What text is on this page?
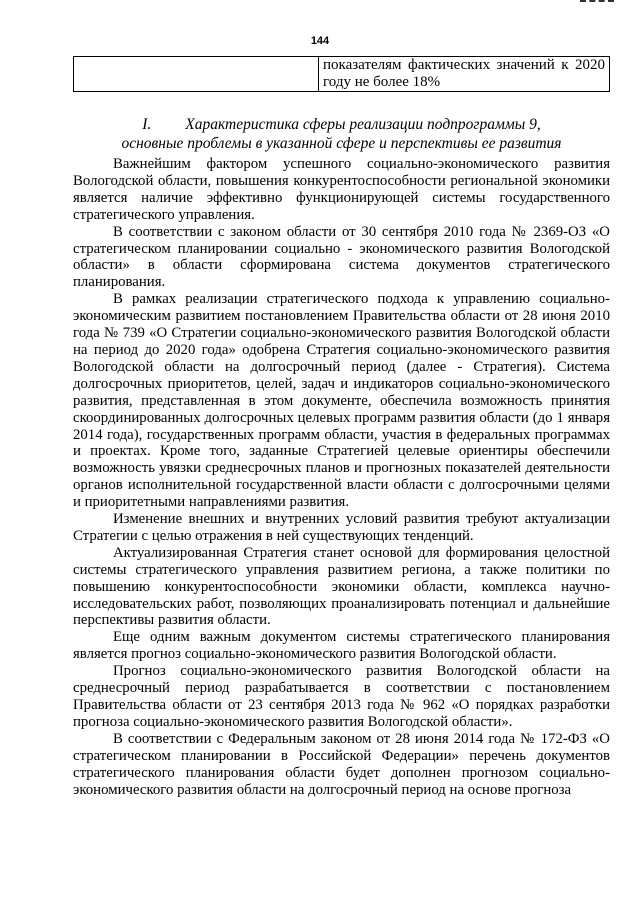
144
	показателям фактических значений к 2020 году не более 18%
I. Характеристика сферы реализации подпрограммы 9,
основные проблемы в указанной сфере и перспективы ее развития

Важнейшим фактором успешного социально-экономического развития Вологодской области, повышения конкурентоспособности региональной экономики является наличие эффективно функционирующей системы государственного стратегического управления.

В соответствии с законом области от 30 сентября 2010 года № 2369-ОЗ «О стратегическом планировании социально - экономического развития Вологодской области» в области сформирована система документов стратегического планирования.

В рамках реализации стратегического подхода к управлению социально-экономическим развитием постановлением Правительства области от 28 июня 2010 года № 739 «О Стратегии социально-экономического развития Вологодской области на период до 2020 года» одобрена Стратегия социально-экономического развития Вологодской области на долгосрочный период (далее - Стратегия). Система долгосрочных приоритетов, целей, задач и индикаторов социально-экономического развития, представленная в этом документе, обеспечила возможность принятия скоординированных долгосрочных целевых программ развития области (до 1 января 2014 года), государственных программ области, участия в федеральных программах и проектах. Кроме того, заданные Стратегией целевые ориентиры обеспечили возможность увязки среднесрочных планов и прогнозных показателей деятельности органов исполнительной государственной власти области с долгосрочными целями и приоритетными направлениями развития.

Изменение внешних и внутренних условий развития требуют актуализации Стратегии с целью отражения в ней существующих тенденций.

Актуализированная Стратегия станет основой для формирования целостной системы стратегического управления развитием региона, а также политики по повышению конкурентоспособности экономики области, комплекса научно-исследовательских работ, позволяющих проанализировать потенциал и дальнейшие перспективы развития области.

Еще одним важным документом системы стратегического планирования является прогноз социально-экономического развития Вологодской области.

Прогноз социально-экономического развития Вологодской области на среднесрочный период разрабатывается в соответствии с постановлением Правительства области от 23 сентября 2013 года № 962 «О порядках разработки прогноза социально-экономического развития Вологодской области».

В соответствии с Федеральным законом от 28 июня 2014 года № 172-ФЗ «О стратегическом планировании в Российской Федерации» перечень документов стратегического планирования области будет дополнен прогнозом социально-экономического развития области на долгосрочный период на основе прогноза
